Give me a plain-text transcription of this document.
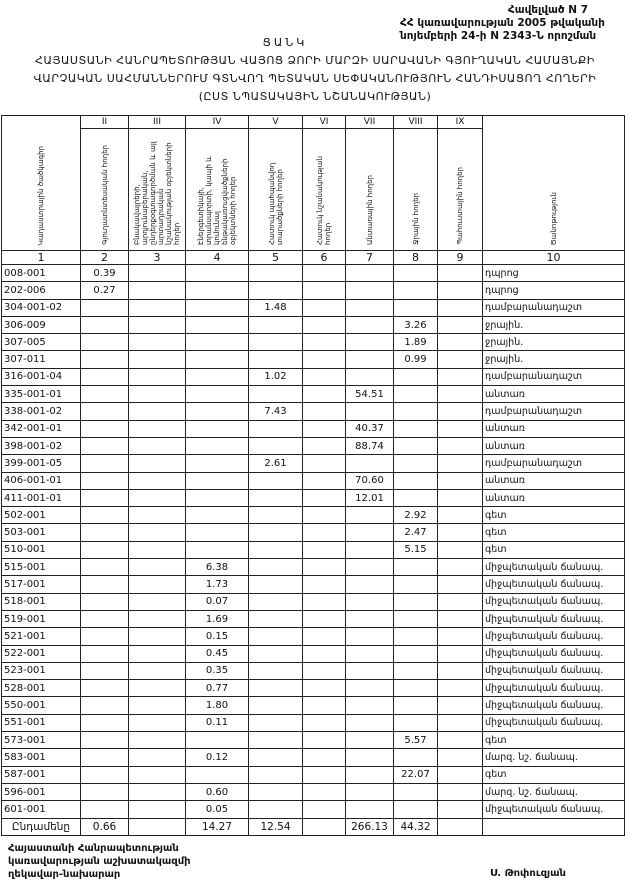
Հավելված N 7
ՀՀ կառավարության 2005 թվականի
նոյեմբերի 24-ի N 2343-Ն որոշման
ՑԱՆԿ
ՀԱՅԱՍՏԱՆԻ ՀԱՆՐԱՊԵՏՈՒԹՅԱՆ ՎԱՅՈՑ ՁՈՐԻ ՄԱՐԶԻ ՍԱՐԱՎԱՆԻ ԳՅՈՒՂԱԿԱՆ ՀԱՄԱՅՆՔԻ
ՎԱՐՉԱԿԱՆ ՍԱՀՄԱՆՆԵՐՈՒՄ ԳՏՆՎՈՂ ՊԵՏԱԿԱՆ ՍԵՓԱԿԱՆՈՒԹՅՈՒՆ ՀԱՆԴԻՍԱՑՈՂ ՀՈՂԵՐԻ
(ԸՍՏ ՆՊԱՏԱԿԱՅԻՆ ՆՇԱՆԱԿՈՒԹՅԱՆ)
Կադաստրային ծածկագիր	II	III	IV	V	VI	VII	VIII	IX	Ծանոթություն
	Գյուղատնտեսական հողեր	Բնակավայրերի, արդյունաբերական, ընդերքօգտագործման և այլ արտադրական նշանակության օբյեկտների հողեր	Էներգետիկայի, տրանսպորտի, կապի և կոմունալ ենթակառուցվածքների օբյեկտների հողեր	Հատուկ պահպանվող տարածքների հողեր	Հատուկ նշանակության հողեր	Անտառային հողեր	Ջրային հողեր	Պահուստային հողեր	
1	2	3	4	5	6	7	8	9	10
008-001	0.39								դպրոց
202-006	0.27								դպրոց
304-001-02				1.48					դամբարանադաշտ
306-009							3.26		ջրային.
307-005							1.89		ջրային.
307-011							0.99		ջրային.
316-001-04				1.02					դամբարանադաշտ
335-001-01						54.51			անտառ
338-001-02				7.43					դամբարանադաշտ
342-001-01						40.37			անտառ
398-001-02						88.74			անտառ
399-001-05				2.61					դամբարանադաշտ
406-001-01						70.60			անտառ
411-001-01						12.01			անտառ
502-001							2.92		գետ
503-001							2.47		գետ
510-001							5.15		գետ
515-001			6.38						միջպետական ճանապ.
517-001			1.73						միջպետական ճանապ.
518-001			0.07						միջպետական ճանապ.
519-001			1.69						միջպետական ճանապ.
521-001			0.15						միջպետական ճանապ.
522-001			0.45						միջպետական ճանապ.
523-001			0.35						միջպետական ճանապ.
528-001			0.77						միջպետական ճանապ.
550-001			1.80						միջպետական ճանապ.
551-001			0.11						միջպետական ճանապ.
573-001							5.57		գետ
583-001			0.12						մարզ. նշ. ճանապ.
587-001							22.07		գետ
596-001			0.60						մարզ. նշ. ճանապ.
601-001			0.05						միջպետական ճանապ.
Ընդամենը	0.66		14.27	12.54		266.13	44.32		
Հայաստանի Հանրապետության
կառավարության աշխատակազմի
ղեկավար-նախարար	Ս. Թոփուզյան
